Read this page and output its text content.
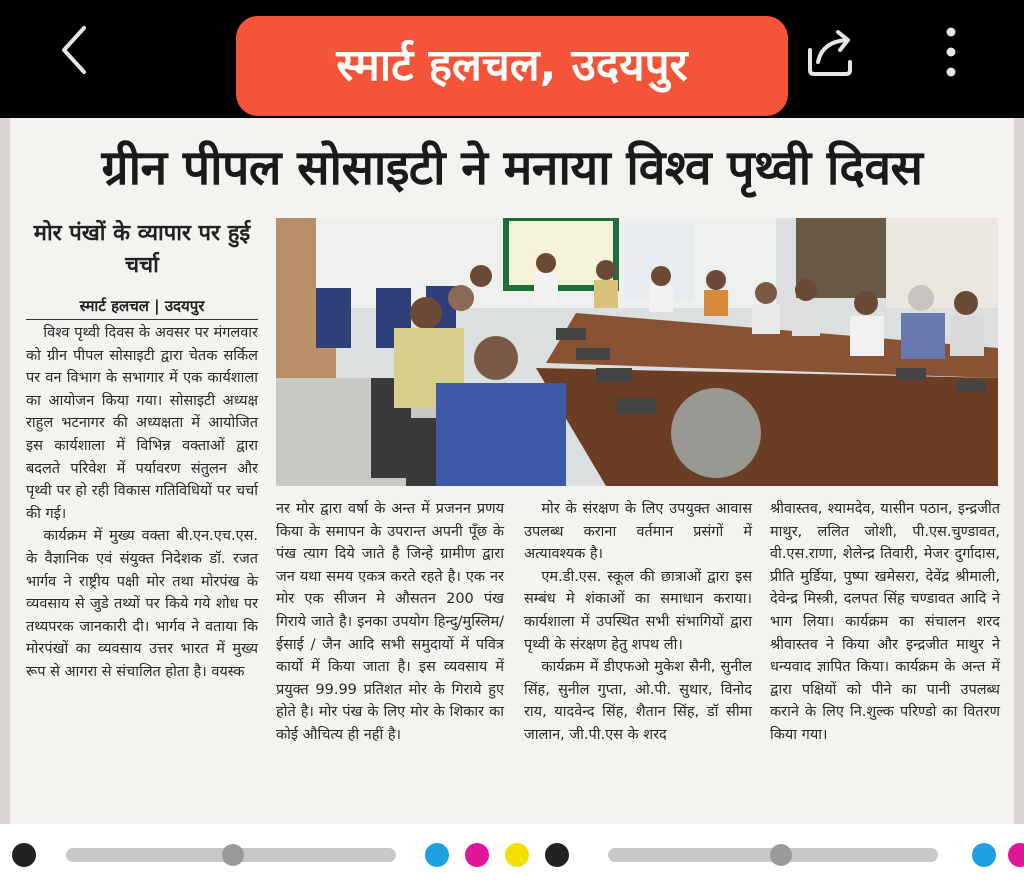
स्मार्ट हलचल, उदयपुर
ग्रीन पीपल सोसाइटी ने मनाया विश्व पृथ्वी दिवस
मोर पंखों के व्यापार पर हुई चर्चा
स्मार्ट हलचल | उदयपुर

विश्व पृथ्वी दिवस के अवसर पर मंगलवार को ग्रीन पीपल सोसाइटी द्वारा चेतक सर्किल पर वन विभाग के सभागार में एक कार्यशाला का आयोजन किया गया। सोसाइटी अध्यक्ष राहुल भटनागर की अध्यक्षता में आयोजित इस कार्यशाला में विभिन्न वक्ताओं द्वारा बदलते परिवेश में पर्यावरण संतुलन और पृथ्वी पर हो रही विकास गतिविधियों पर चर्चा की गई।

कार्यक्रम में मुख्य वक्ता बी.एन.एच.एस. के वैज्ञानिक एवं संयुक्त निदेशक डॉ. रजत भार्गव ने राष्ट्रीय पक्षी मोर तथा मोरपंख के व्यवसाय से जुडे तथ्यों पर किये गये शोध पर तथ्यपरक जानकारी दी। भार्गव ने वताया कि मोरपंखों का व्यवसाय उत्तर भारत में मुख्य रूप से आगरा से संचालित होता है। वयस्क

नर मोर द्वारा वर्षा के अन्त में प्रजनन प्रणय किया के समापन के उपरान्त अपनी पूँछ के पंख त्याग दिये जाते है जिन्हे ग्रामीण द्वारा जन यथा समय एकत्र करते रहते है। एक नर मोर एक सीजन मे औसतन 200 पंख गिराये जाते है। इनका उपयोग हिन्दु/मुस्लिम/ ईसाई / जैन आदि सभी समुदायों में पवित्र कार्यो में किया जाता है। इस व्यवसाय में प्रयुक्त 99.99 प्रतिशत मोर के गिराये हुए होते है। मोर पंख के लिए मोर के शिकार का कोई औचित्य ही नहीं है।

मोर के संरक्षण के लिए उपयुक्त आवास उपलब्ध कराना वर्तमान प्रसंगों में अत्यावश्यक है।

एम.डी.एस. स्कूल की छात्राओं द्वारा इस सम्बंध मे शंकाओं का समाधान कराया। कार्यशाला में उपस्थित सभी संभागियों द्वारा पृथ्वी के संरक्षण हेतु शपथ ली।

कार्यक्रम में डीएफओ मुकेश सैनी, सुनील सिंह, सुनील गुप्ता, ओ.पी. सुथार, विनोद राय, यादवेन्द सिंह, शैतान सिंह, डॉ सीमा जालान, जी.पी.एस के शरद

श्रीवास्तव, श्यामदेव, यासीन पठान, इन्द्रजीत माथुर, ललित जोशी, पी.एस.चुण्डावत, वी.एस.राणा, शेलेन्द्र तिवारी, मेजर दुर्गादास, प्रीति मुर्डिया, पुष्पा खमेसरा, देवेंद्र श्रीमाली, देवेन्द्र मिस्त्री, दलपत सिंह चण्डावत आदि ने भाग लिया। कार्यक्रम का संचालन शरद श्रीवास्तव ने किया और इन्द्रजीत माथुर ने धन्यवाद ज्ञापित किया। कार्यक्रम के अन्त में द्वारा पक्षियों को पीने का पानी उपलब्ध कराने के लिए नि.शुल्क परिण्डो का वितरण किया गया।
